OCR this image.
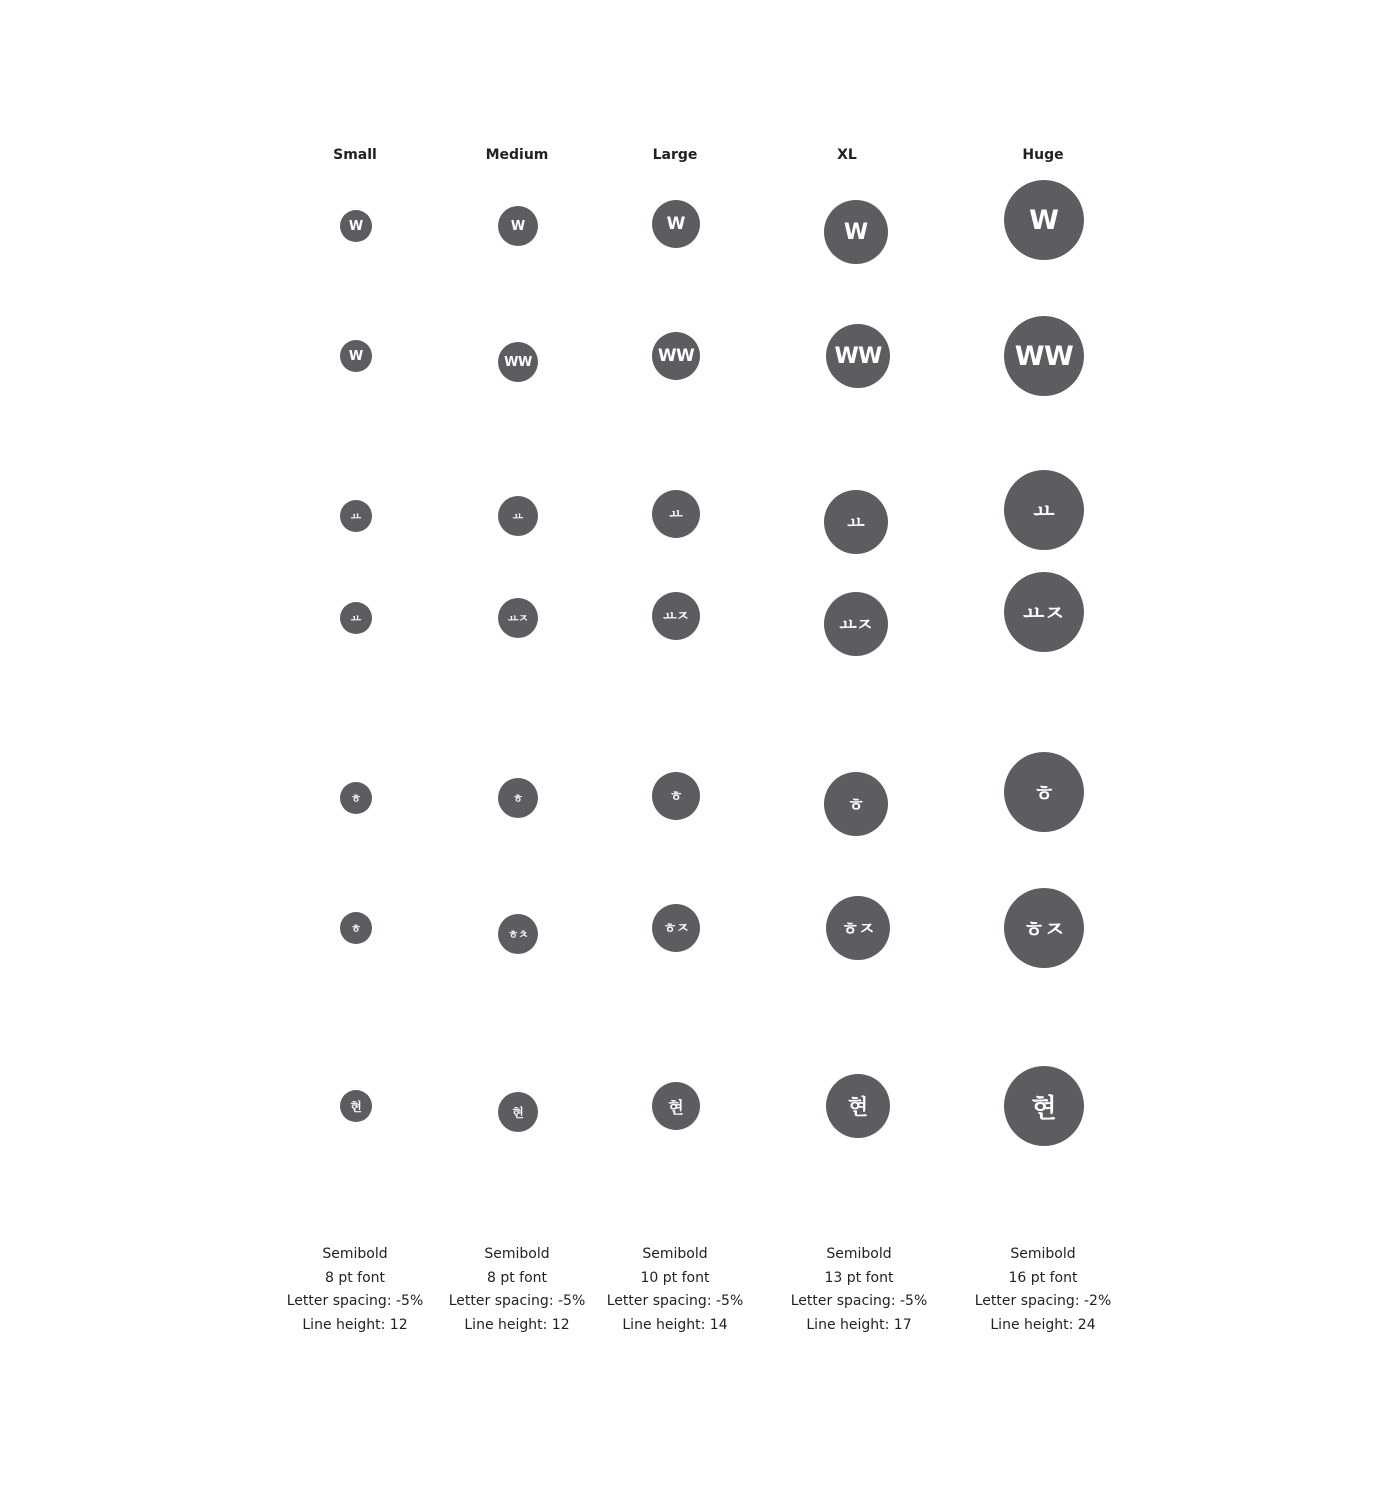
Small	Medium	Large	XL	Huge
W	W	W	W	W
W	WW	WW	WW	WW
ㅛ	ㅛ	ㅛ	ㅛ	ㅛ
ㅛ	ㅛㅈ	ㅛㅈ	ㅛㅈ	ㅛㅈ
ㅎ	ㅎ	ㅎ	ㅎ	ㅎ
ㅎ	ㅎㅊ	ㅎㅈ	ㅎㅈ	ㅎㅈ
현	현	현	현	현
Semibold
8 pt font
Letter spacing: -5%
Line height: 12
Semibold
8 pt font
Letter spacing: -5%
Line height: 12
Semibold
10 pt font
Letter spacing: -5%
Line height: 14
Semibold
13 pt font
Letter spacing: -5%
Line height: 17
Semibold
16 pt font
Letter spacing: -2%
Line height: 24
